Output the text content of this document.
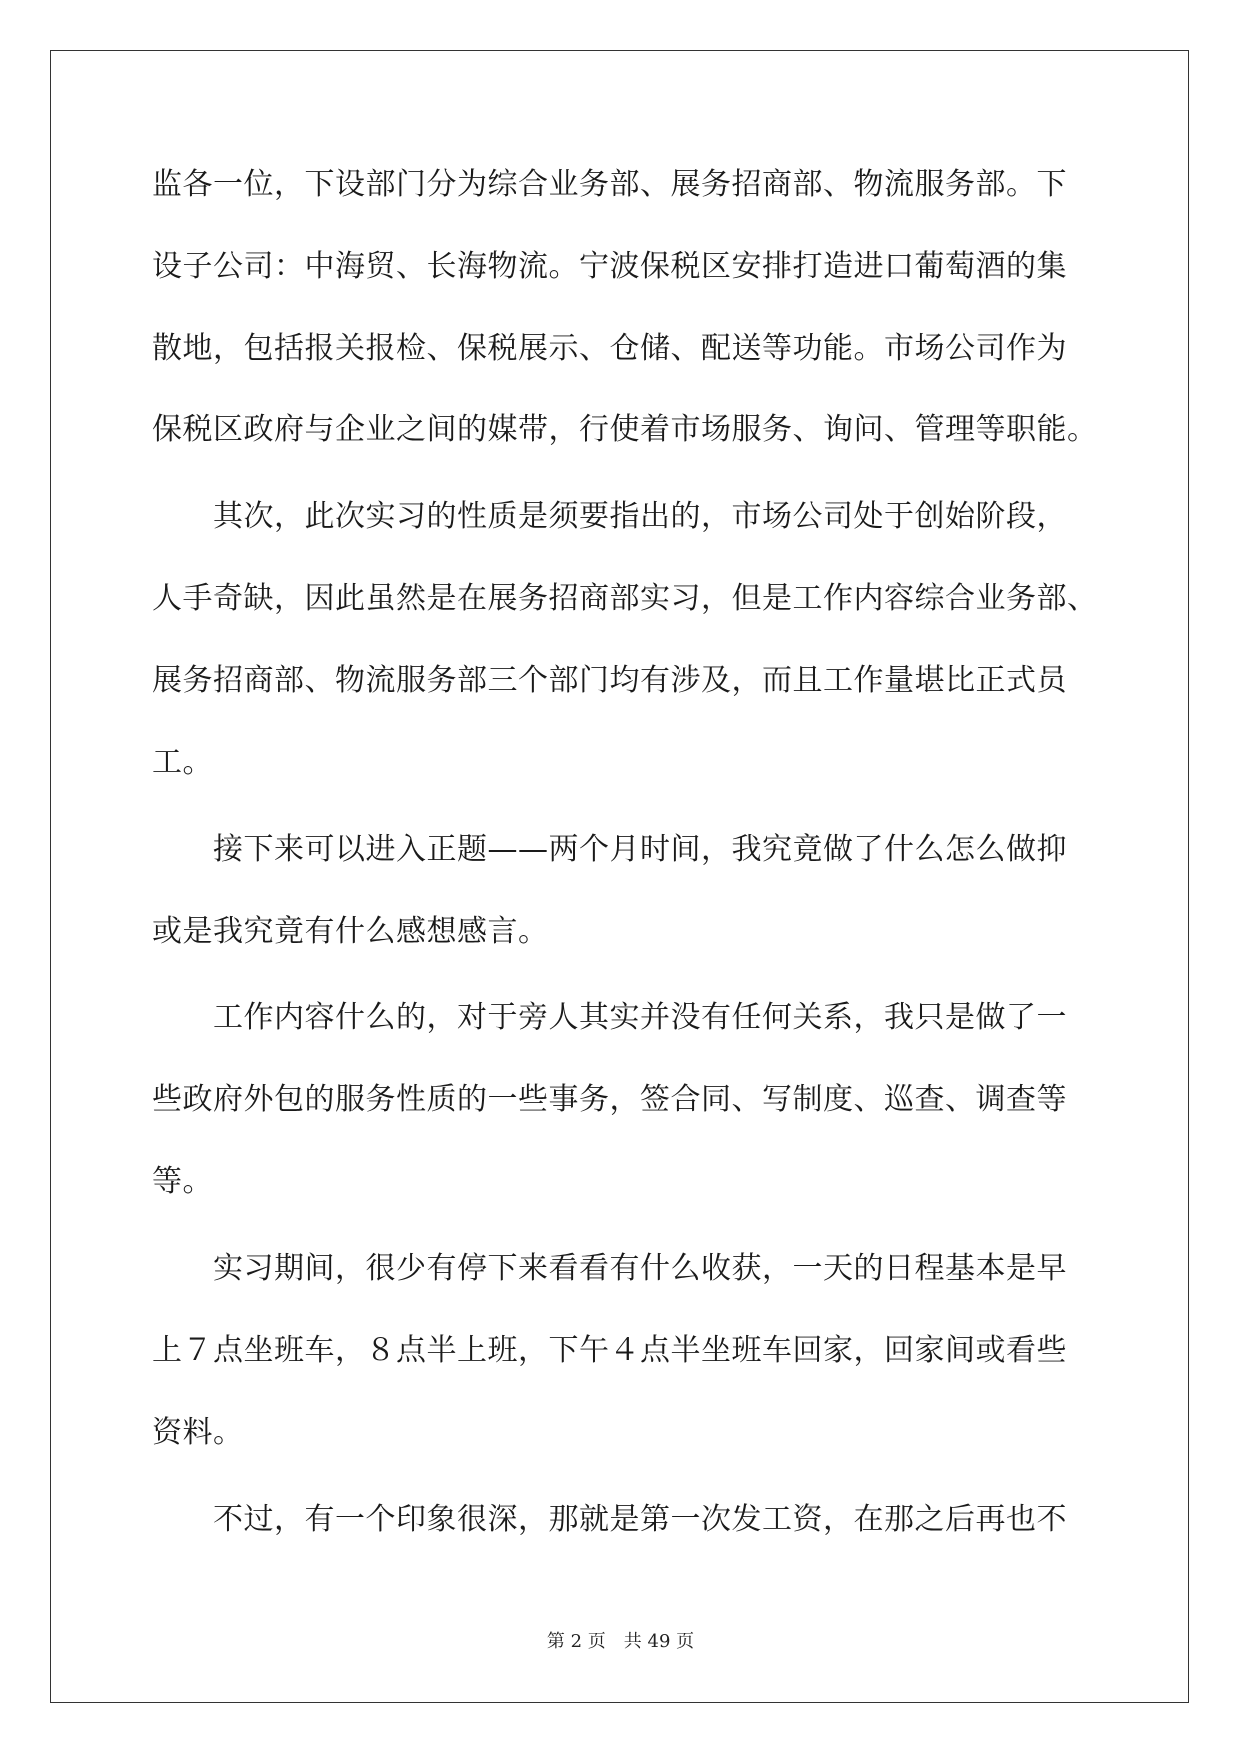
监各一位，下设部门分为综合业务部、展务招商部、物流服务部。下
设子公司：中海贸、长海物流。宁波保税区安排打造进口葡萄酒的集
散地，包括报关报检、保税展示、仓储、配送等功能。市场公司作为
保税区政府与企业之间的媒带，行使着市场服务、询问、管理等职能。
　　其次，此次实习的性质是须要指出的，市场公司处于创始阶段，
人手奇缺，因此虽然是在展务招商部实习，但是工作内容综合业务部、
展务招商部、物流服务部三个部门均有涉及，而且工作量堪比正式员
工。
　　接下来可以进入正题——两个月时间，我究竟做了什么怎么做抑
或是我究竟有什么感想感言。
　　工作内容什么的，对于旁人其实并没有任何关系，我只是做了一
些政府外包的服务性质的一些事务，签合同、写制度、巡查、调查等
等。
　　实习期间，很少有停下来看看有什么收获，一天的日程基本是早
上７点坐班车，８点半上班，下午４点半坐班车回家，回家间或看些
资料。
　　不过，有一个印象很深，那就是第一次发工资，在那之后再也不
第 2 页　共 49 页
